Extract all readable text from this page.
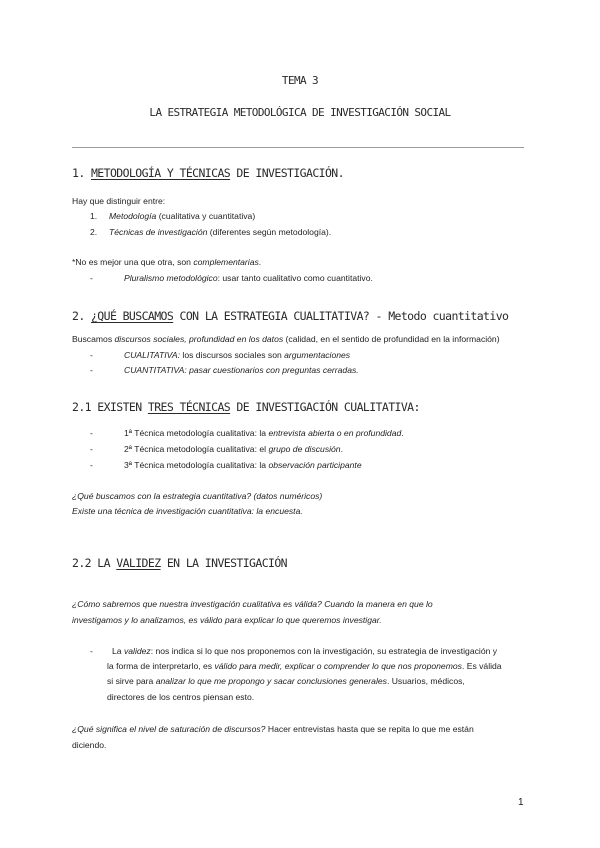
TEMA 3
LA ESTRATEGIA METODOLÓGICA DE INVESTIGACIÓN SOCIAL
1. METODOLOGÍA Y TÉCNICAS DE INVESTIGACIÓN.
Hay que distinguir entre:
1. Metodología (cualitativa y cuantitativa)
2. Técnicas de investigación (diferentes según metodología).
*No es mejor una que otra, son complementarias.
-	Pluralismo metodológico: usar tanto cualitativo como cuantitativo.
2. ¿QUÉ BUSCAMOS CON LA ESTRATEGIA CUALITATIVA? - Metodo cuantitativo
Buscamos discursos sociales, profundidad en los datos (calidad, en el sentido de profundidad en la información)
-	CUALITATIVA: los discursos sociales son argumentaciones
-	CUANTITATIVA: pasar cuestionarios con preguntas cerradas.
2.1 EXISTEN TRES TÉCNICAS DE INVESTIGACIÓN CUALITATIVA:
-	1ª Técnica metodología cualitativa: la entrevista abierta o en profundidad.
-	2ª Técnica metodología cualitativa: el grupo de discusión.
-	3ª Técnica metodología cualitativa: la observación participante
¿Qué buscamos con la estrategia cuantitativa? (datos numéricos)
Existe una técnica de investigación cuantitativa: la encuesta.
2.2 LA VALIDEZ EN LA INVESTIGACIÓN
¿Cómo sabremos que nuestra investigación cualitativa es válida? Cuando la manera en que lo
investigamos y lo analizamos, es válido para explicar lo que queremos investigar.
- La validez: nos indica si lo que nos proponemos con la investigación, su estrategia de investigación y
la forma de interpretarlo, es válido para medir, explicar o comprender lo que nos proponemos. Es válida
si sirve para analizar lo que me propongo y sacar conclusiones generales. Usuarios, médicos,
directores de los centros piensan esto.
¿Qué significa el nivel de saturación de discursos? Hacer entrevistas hasta que se repita lo que me están
diciendo.
1
